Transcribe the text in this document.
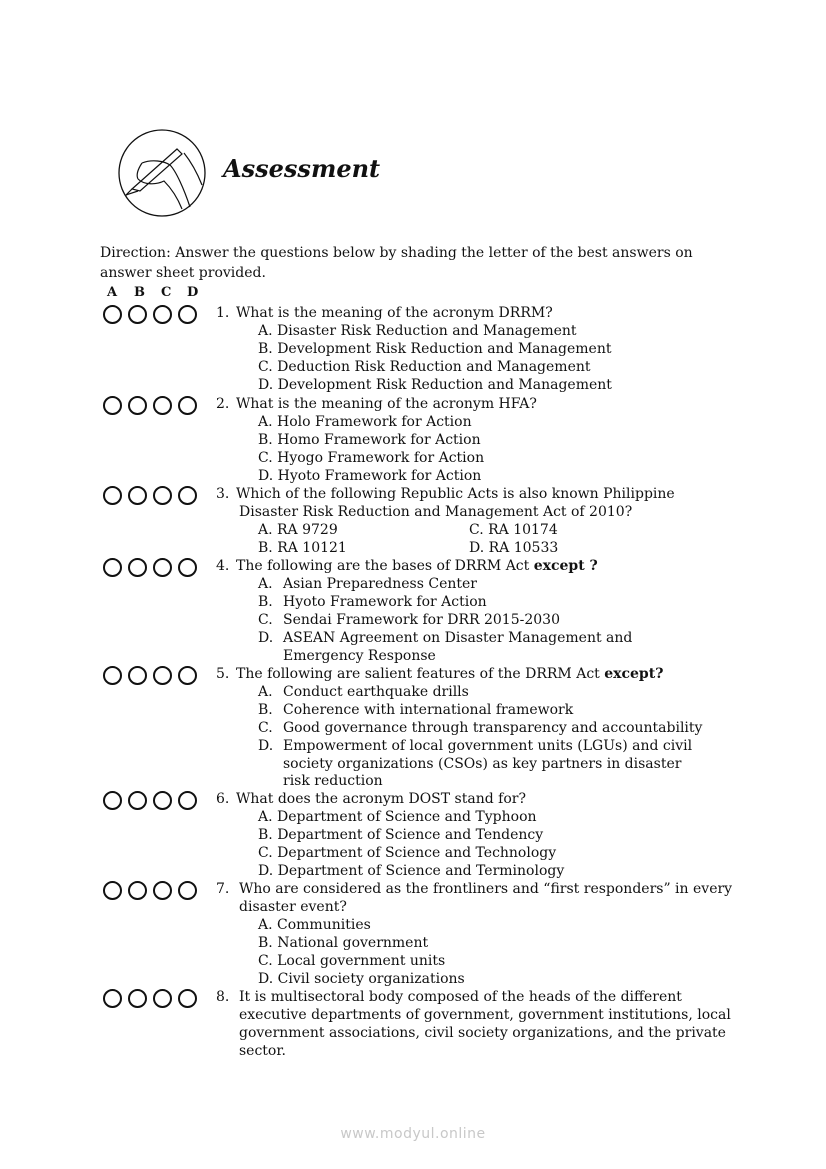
Assessment
Direction: Answer the questions below by shading the letter of the best answers on
answer sheet provided.
A B C D
1. What is the meaning of the acronym DRRM?
A. Disaster Risk Reduction and Management
B. Development Risk Reduction and Management
C. Deduction Risk Reduction and Management
D. Development Risk Reduction and Management
2. What is the meaning of the acronym HFA?
A. Holo Framework for Action
B. Homo Framework for Action
C. Hyogo Framework for Action
D. Hyoto Framework for Action
3. Which of the following Republic Acts is also known Philippine
Disaster Risk Reduction and Management Act of 2010?
A. RA 9729
B. RA 10121
C. RA 10174
D. RA 10533
4. The following are the bases of DRRM Act except ?
A. Asian Preparedness Center
B. Hyoto Framework for Action
C. Sendai Framework for DRR 2015-2030
D. ASEAN Agreement on Disaster Management and
Emergency Response
5. The following are salient features of the DRRM Act except?
A. Conduct earthquake drills
B. Coherence with international framework
C. Good governance through transparency and accountability
D. Empowerment of local government units (LGUs) and civil
society organizations (CSOs) as key partners in disaster
risk reduction
6. What does the acronym DOST stand for?
A. Department of Science and Typhoon
B. Department of Science and Tendency
C. Department of Science and Technology
D. Department of Science and Terminology
7. Who are considered as the frontliners and “first responders” in every
disaster event?
A. Communities
B. National government
C. Local government units
D. Civil society organizations
8. It is multisectoral body composed of the heads of the different
executive departments of government, government institutions, local
government associations, civil society organizations, and the private
sector.
www.modyul.online
